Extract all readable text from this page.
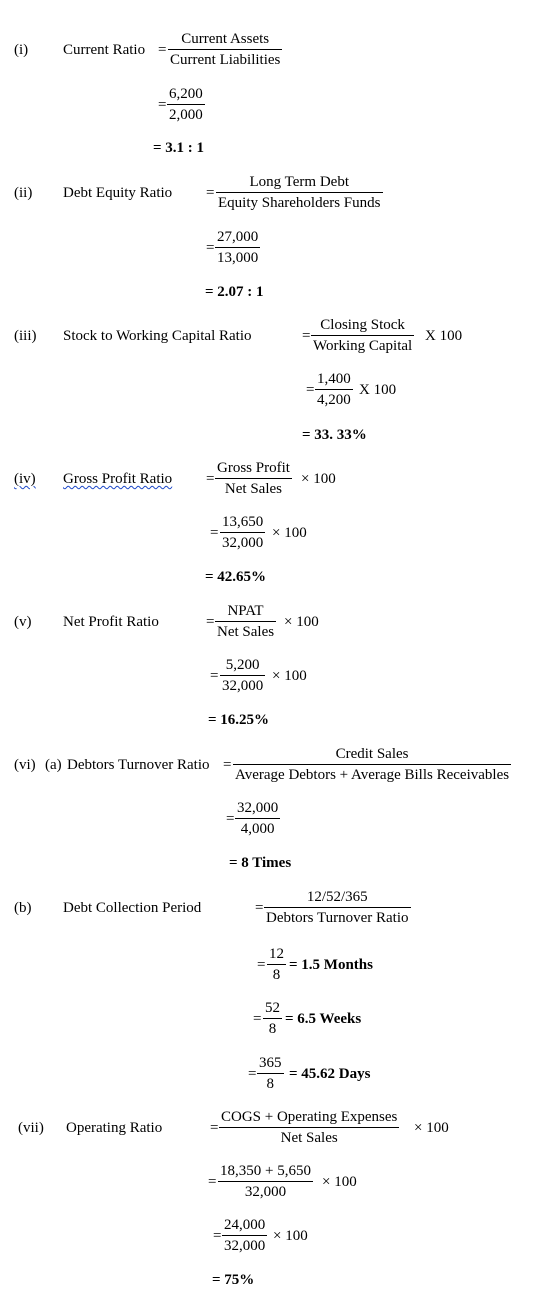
(i) Current Ratio =
Current Assets
Current Liabilities
=
6,200
2,000
= 3.1 : 1
(ii) Debt Equity Ratio =
Long Term Debt
Equity Shareholders Funds
=
27,000
13,000
= 2.07 : 1
(iii) Stock to Working Capital Ratio	=
Closing Stock
Working Capital
X 100
=
1,400
4,200
X 100
= 33. 33%
(iv) Gross Profit Ratio =
Gross Profit
Net Sales
× 100
=
13,650
32,000
× 100
= 42.65%
(v) Net Profit Ratio	=
NPAT
Net Sales
× 100
=
5,200
32,000
× 100
= 16.25%
(vi) (a) Debtors Turnover Ratio =
Credit Sales
Average Debtors + Average Bills Receivables
=
32,000
4,000
= 8 Times
(b) Debt Collection Period	=
12/52/365
Debtors Turnover Ratio
=
12
8
= 1.5 Months
=
52
8
= 6.5 Weeks
=
365
8
= 45.62 Days
(vii) Operating Ratio	=
COGS + Operating Expenses
Net Sales
× 100
=
18,350 + 5,650
32,000
× 100
=
24,000
32,000
× 100
= 75%
